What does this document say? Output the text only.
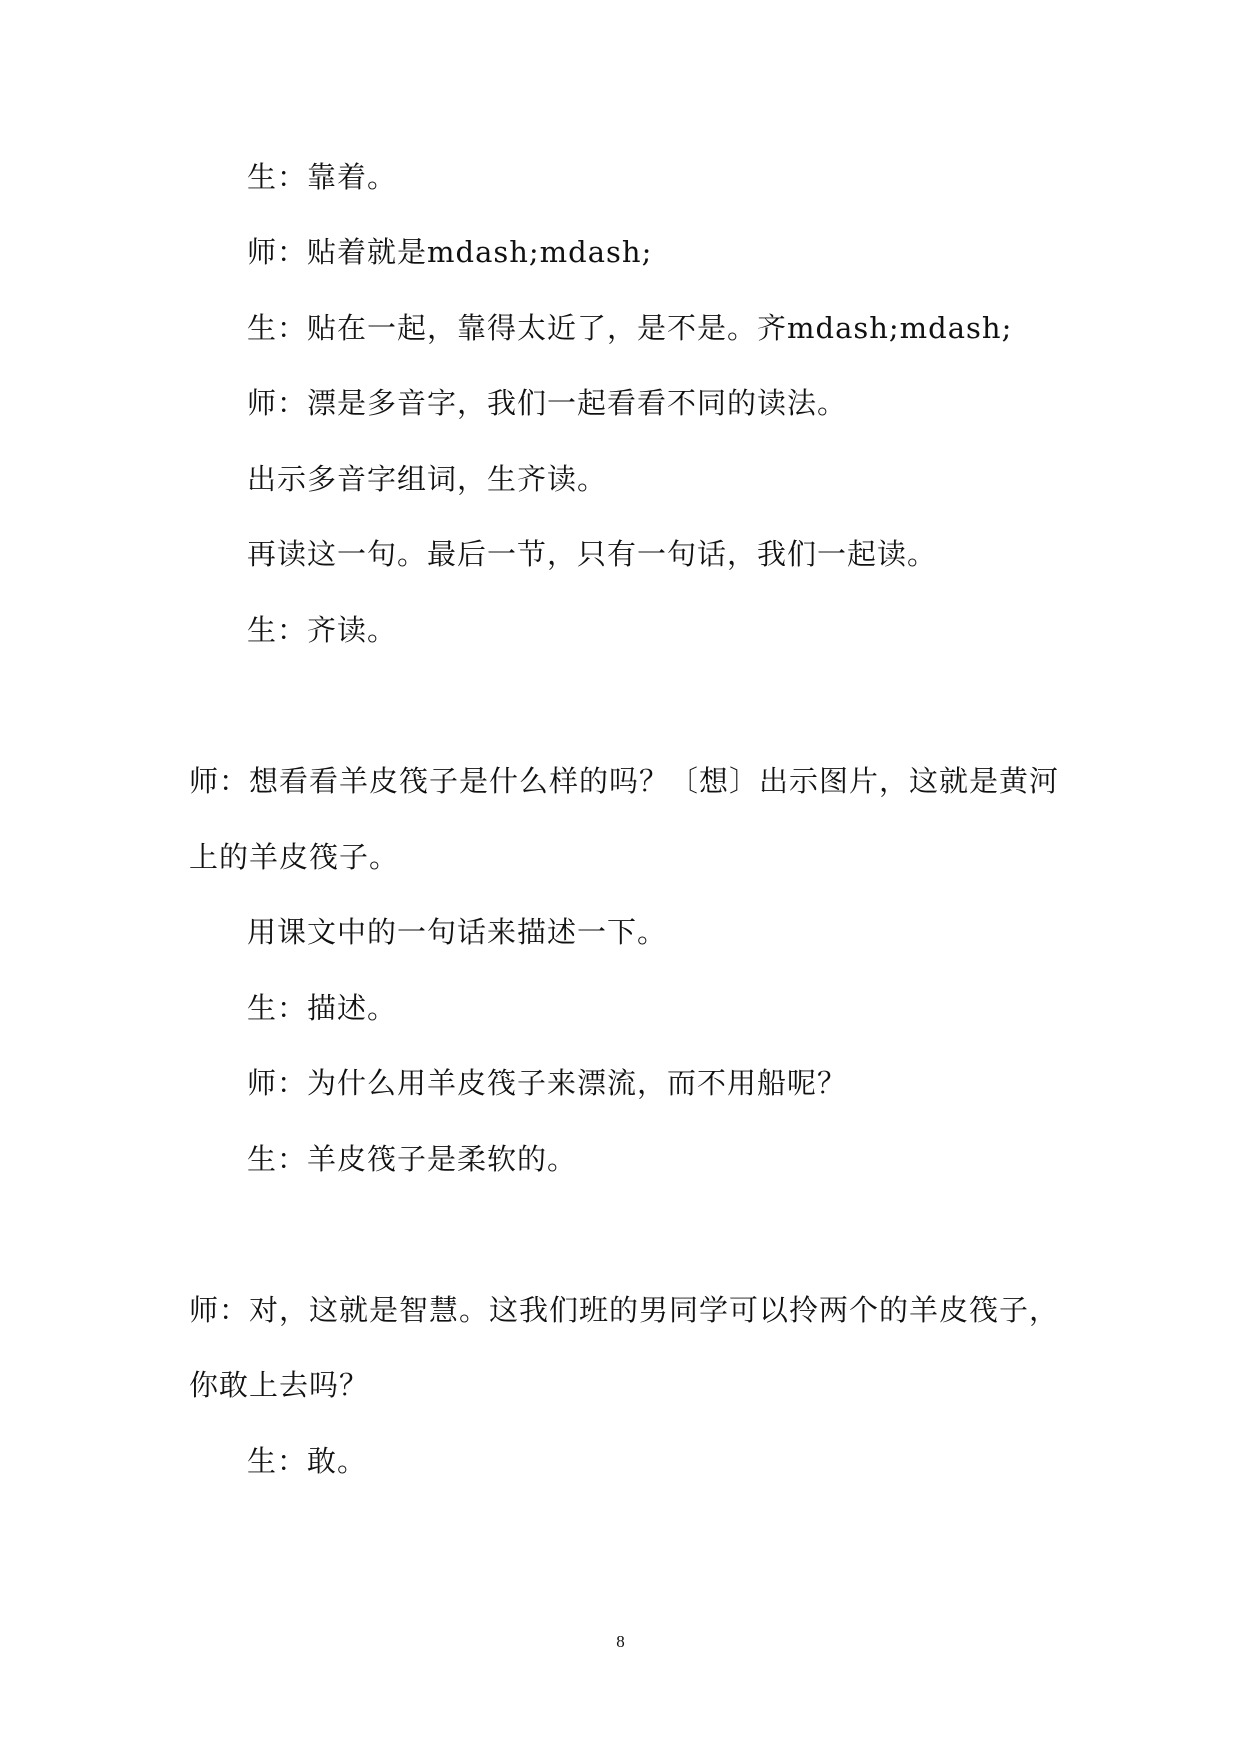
生：靠着。
师：贴着就是mdash;mdash;
生：贴在一起，靠得太近了，是不是。齐mdash;mdash;
师：漂是多音字，我们一起看看不同的读法。
出示多音字组词，生齐读。
再读这一句。最后一节，只有一句话，我们一起读。
生：齐读。
师：想看看羊皮筏子是什么样的吗？〔想〕出示图片，这就是黄河
上的羊皮筏子。
用课文中的一句话来描述一下。
生：描述。
师：为什么用羊皮筏子来漂流，而不用船呢？
生：羊皮筏子是柔软的。
师：对，这就是智慧。这我们班的男同学可以拎两个的羊皮筏子，
你敢上去吗？
生：敢。
8
